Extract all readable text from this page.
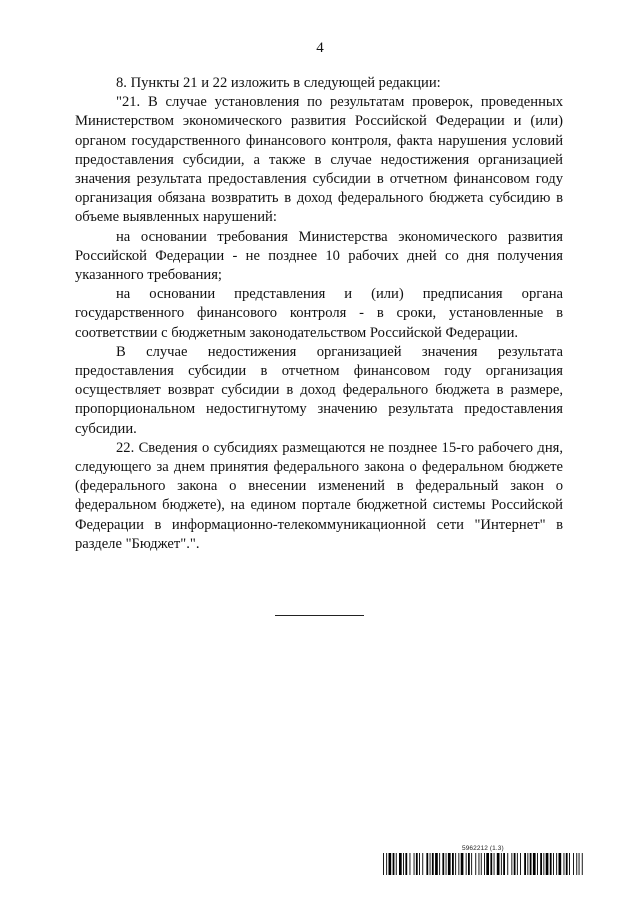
4

8. Пункты 21 и 22 изложить в следующей редакции:

"21. В случае установления по результатам проверок, проведенных Министерством экономического развития Российской Федерации и (или) органом государственного финансового контроля, факта нарушения условий предоставления субсидии, а также в случае недостижения организацией значения результата предоставления субсидии в отчетном финансовом году организация обязана возвратить в доход федерального бюджета субсидию в объеме выявленных нарушений:

на основании требования Министерства экономического развития Российской Федерации - не позднее 10 рабочих дней со дня получения указанного требования;

на основании представления и (или) предписания органа государственного финансового контроля - в сроки, установленные в соответствии с бюджетным законодательством Российской Федерации.

В случае недостижения организацией значения результата предоставления субсидии в отчетном финансовом году организация осуществляет возврат субсидии в доход федерального бюджета в размере, пропорциональном недостигнутому значению результата предоставления субсидии.

22. Сведения о субсидиях размещаются не позднее 15-го рабочего дня, следующего за днем принятия федерального закона о федеральном бюджете (федерального закона о внесении изменений в федеральный закон о федеральном бюджете), на едином портале бюджетной системы Российской Федерации в информационно-телекоммуникационной сети "Интернет" в разделе "Бюджет".".

5962212 (1.3)
